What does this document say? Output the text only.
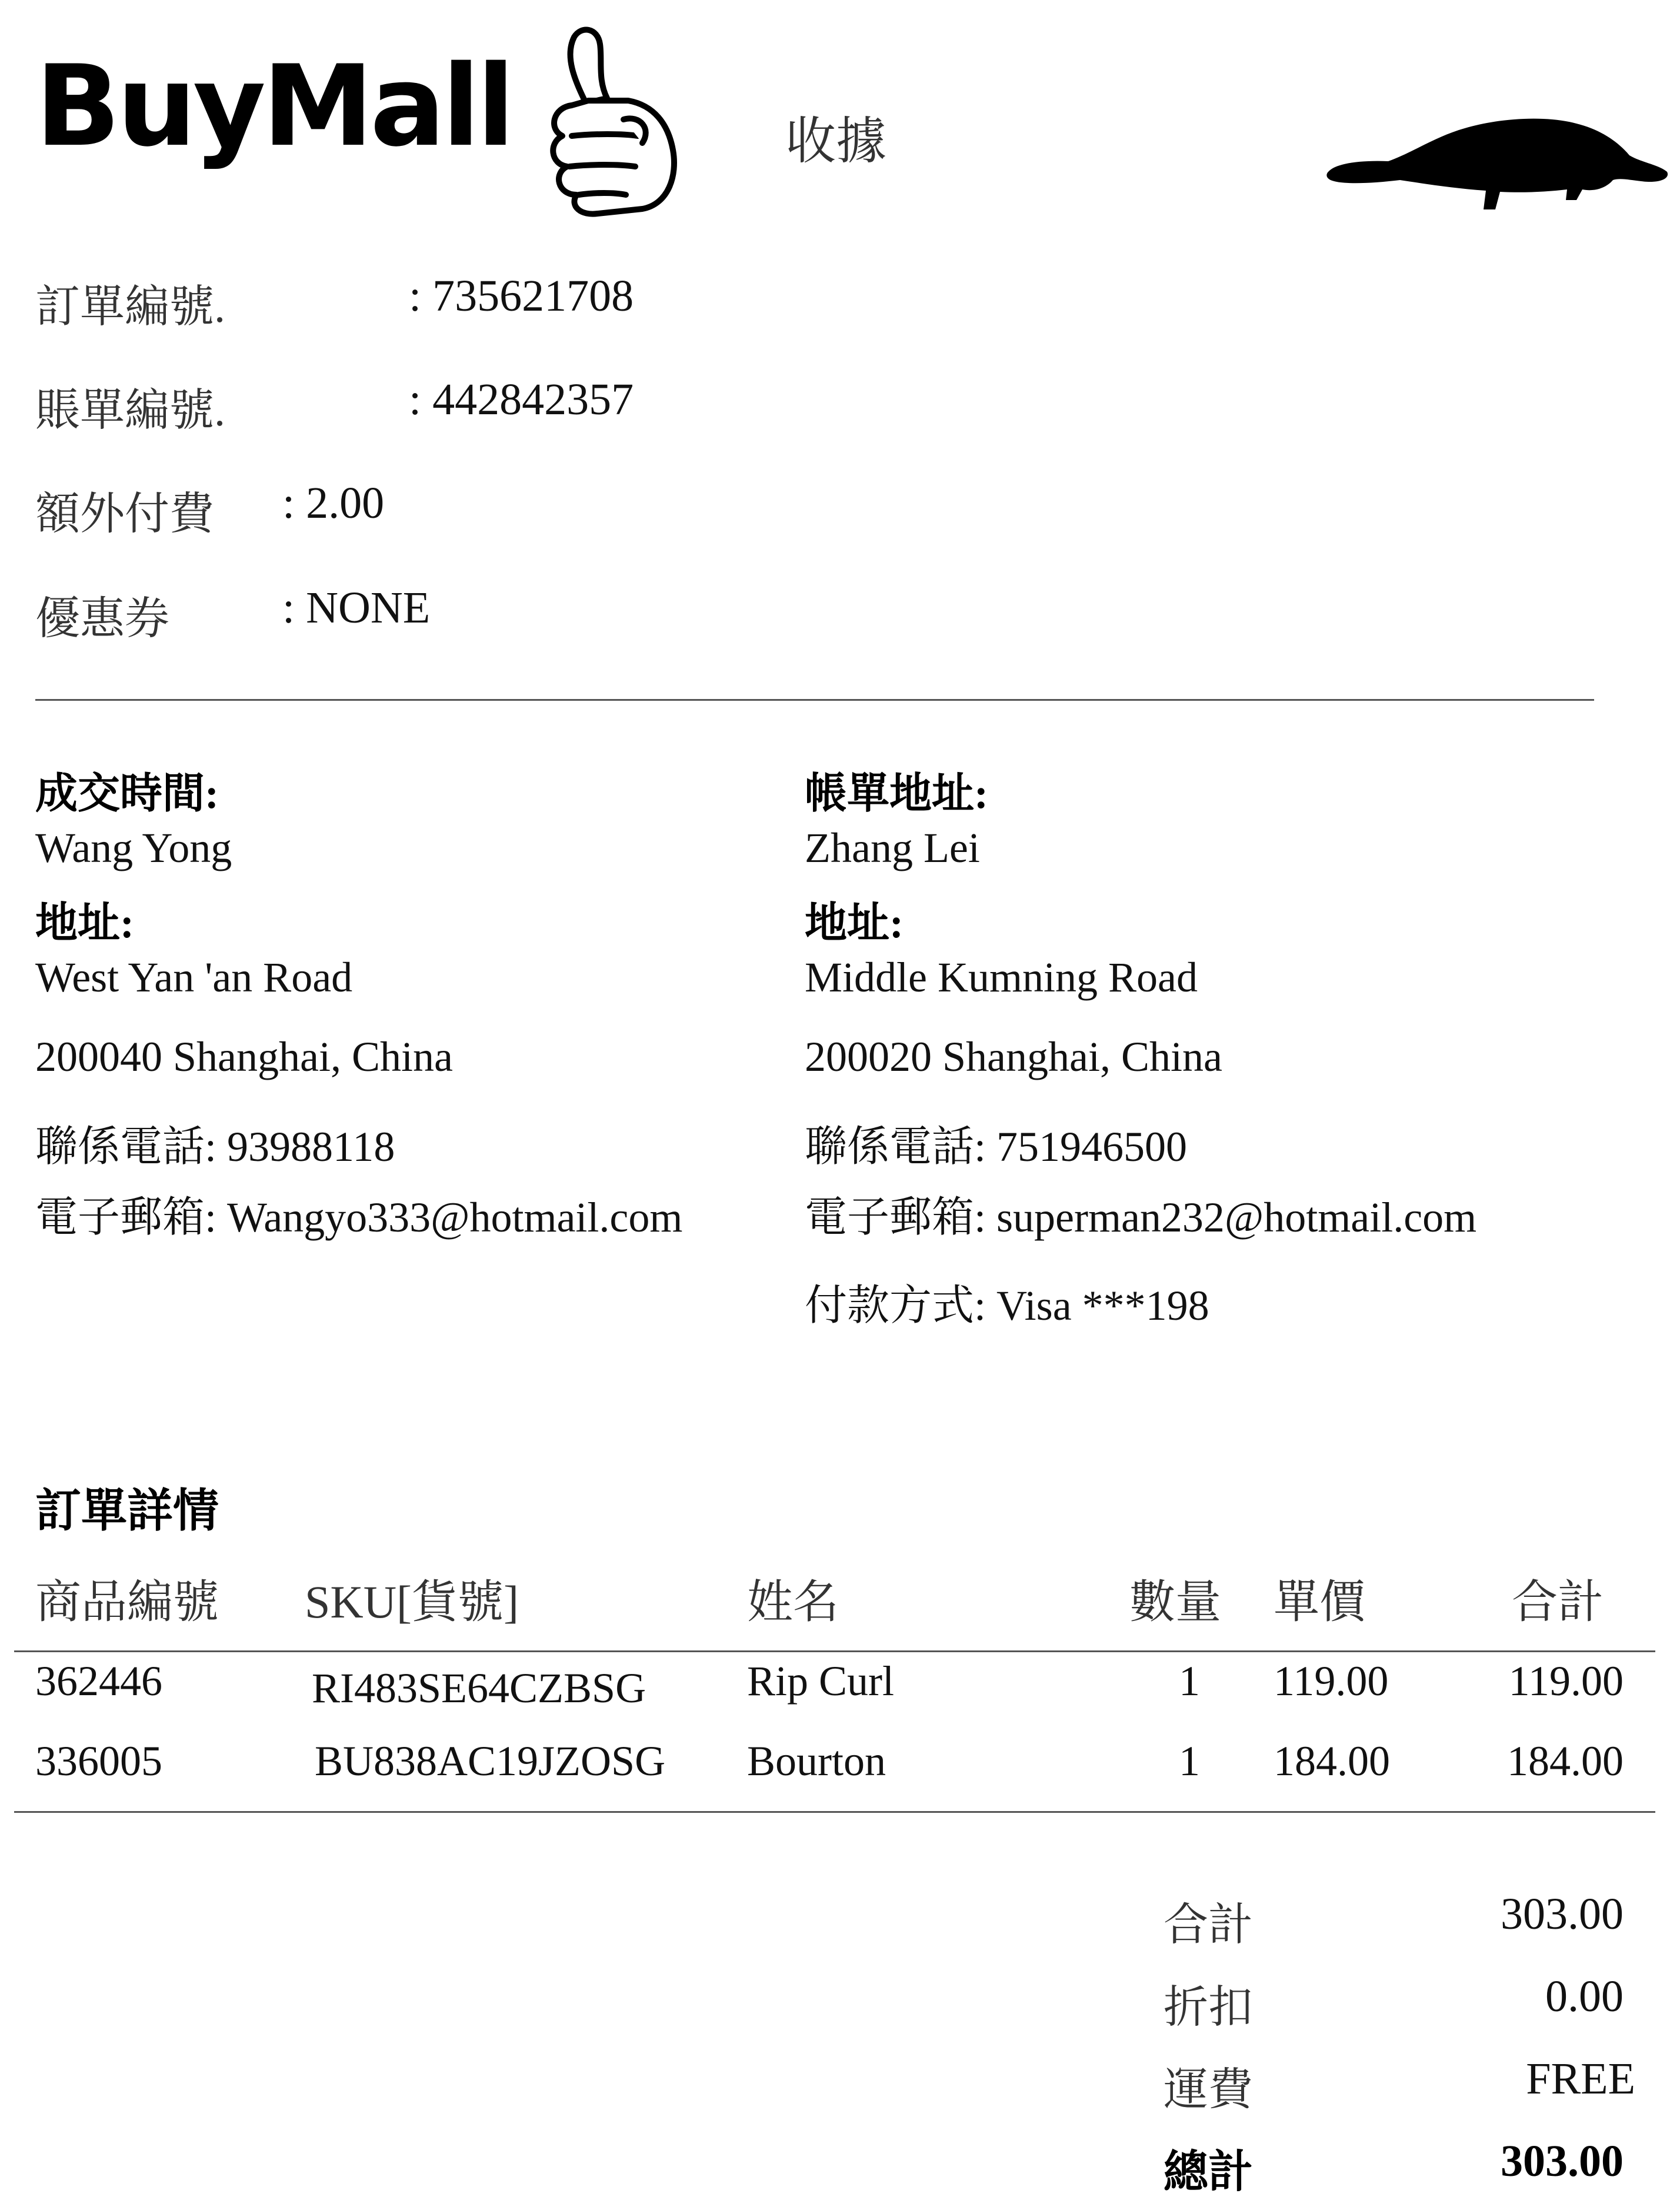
BuyMall	收據
訂單編號.	: 735621708
賬單編號.	: 442842357
額外付費 : 2.00
優惠券	: NONE
成交時間:
Wang Yong
地址:
West Yan 'an Road
200040 Shanghai, China
聯係電話: 93988118
電子郵箱: Wangyo333@hotmail.com
帳單地址:
Zhang Lei
地址:
Middle Kumning Road
200020 Shanghai, China
聯係電話: 751946500
電子郵箱: superman232@hotmail.com
付款方式: Visa ***198
訂單詳情
商品編號 SKU[貨號]	姓名	數量 單價	合計
362446	RI483SE64CZBSG Rip Curl	1 119.00	119.00
336005	BU838AC19JZOSG Bourton	1 184.00	184.00
合計	303.00
折扣	0.00
運費	FREE
總計	303.00
